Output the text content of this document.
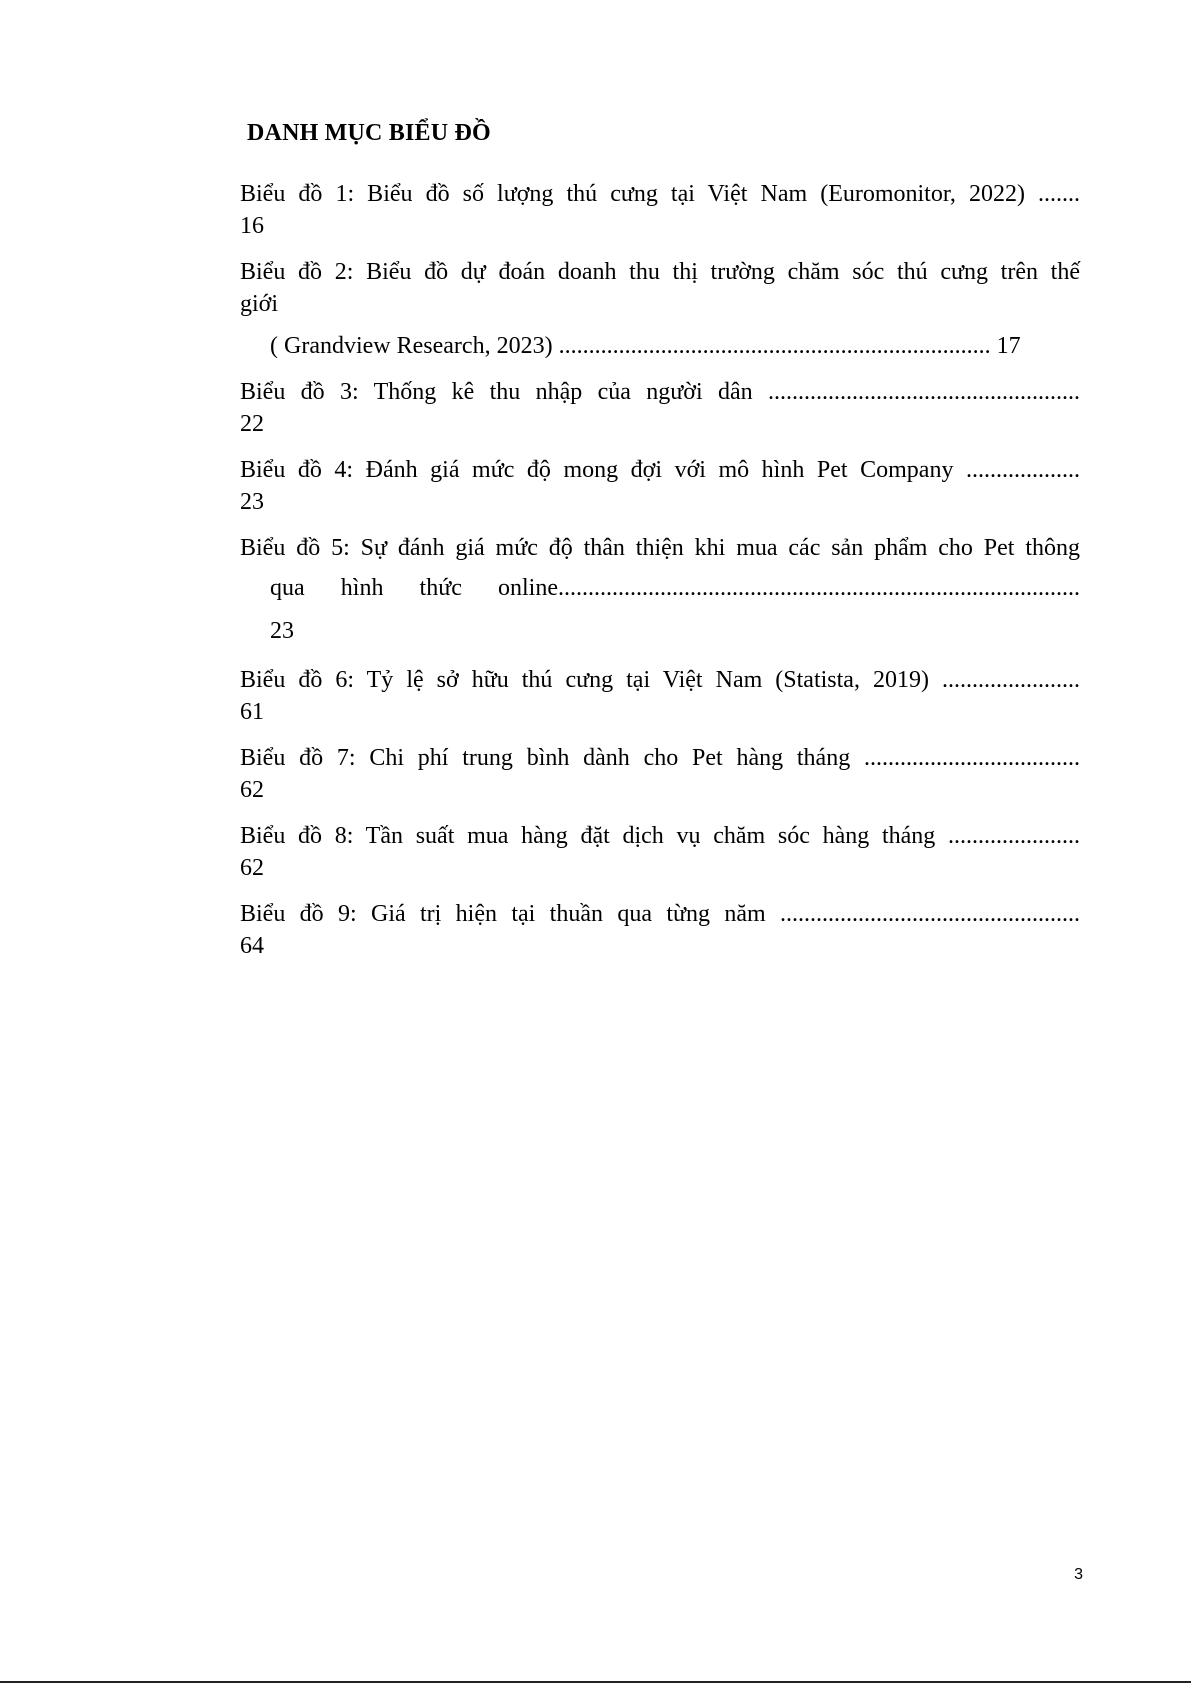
DANH MỤC BIỂU ĐỒ
Biểu đồ 1: Biểu đồ số lượng thú cưng tại Việt Nam (Euromonitor, 2022) .......
16
Biểu đồ 2: Biểu đồ dự đoán doanh thu thị trường chăm sóc thú cưng trên thế
giới
( Grandview Research, 2023) ........................................................................ 17
Biểu đồ 3: Thống kê thu nhập của người dân ....................................................
22
Biểu đồ 4: Đánh giá mức độ mong đợi với mô hình Pet Company ...................
23
Biểu đồ 5: Sự đánh giá mức độ thân thiện khi mua các sản phẩm cho Pet thông
qua hình thức online.......................................................................................
23
Biểu đồ 6: Tỷ lệ sở hữu thú cưng tại Việt Nam (Statista, 2019) .......................
61
Biểu đồ 7: Chi phí trung bình dành cho Pet hàng tháng ....................................
62
Biểu đồ 8: Tần suất mua hàng đặt dịch vụ chăm sóc hàng tháng ......................
62
Biểu đồ 9: Giá trị hiện tại thuần qua từng năm ..................................................
64
3
